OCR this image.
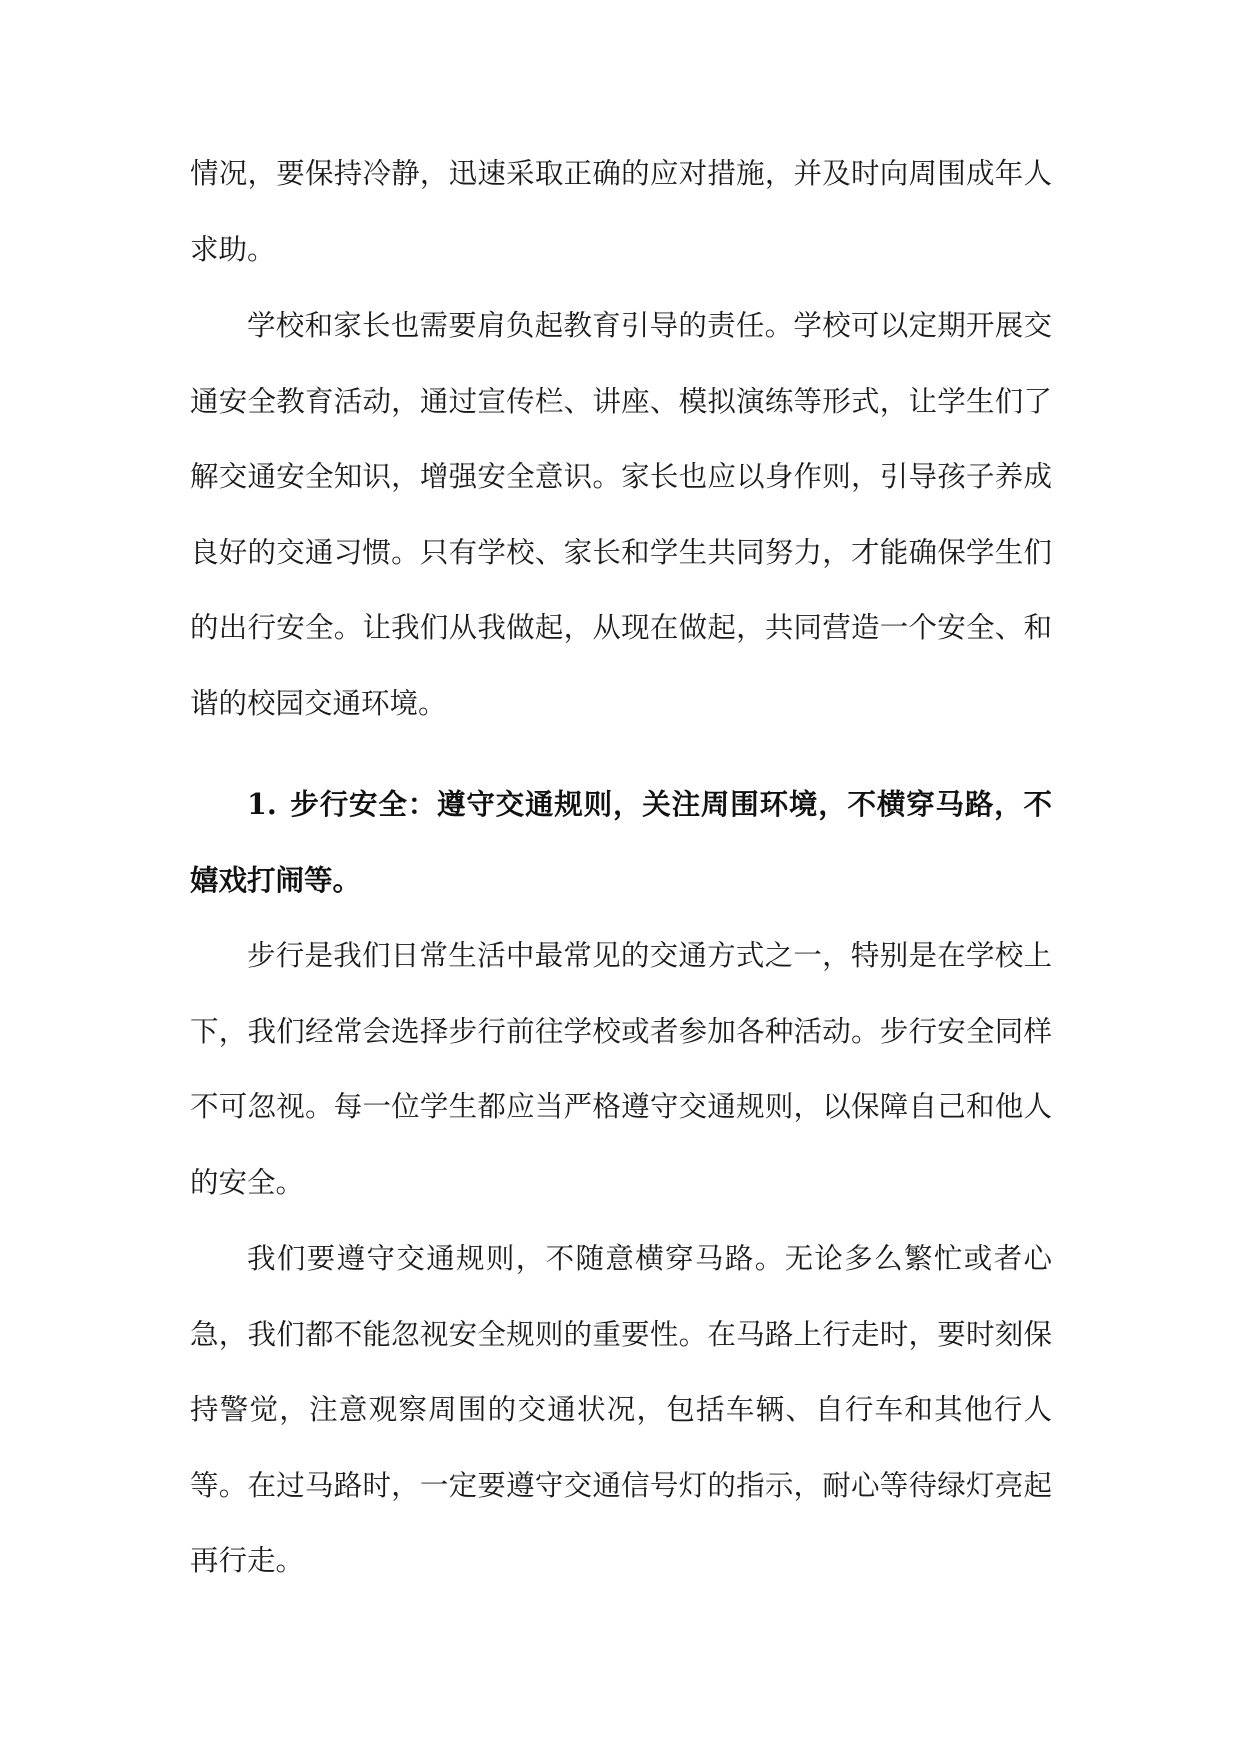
情况，要保持冷静，迅速采取正确的应对措施，并及时向周围成年人求助。

学校和家长也需要肩负起教育引导的责任。学校可以定期开展交通安全教育活动，通过宣传栏、讲座、模拟演练等形式，让学生们了解交通安全知识，增强安全意识。家长也应以身作则，引导孩子养成良好的交通习惯。只有学校、家长和学生共同努力，才能确保学生们的出行安全。让我们从我做起，从现在做起，共同营造一个安全、和谐的校园交通环境。

1. 步行安全：遵守交通规则，关注周围环境，不横穿马路，不嬉戏打闹等。

步行是我们日常生活中最常见的交通方式之一，特别是在学校上下，我们经常会选择步行前往学校或者参加各种活动。步行安全同样不可忽视。每一位学生都应当严格遵守交通规则，以保障自己和他人的安全。

我们要遵守交通规则，不随意横穿马路。无论多么繁忙或者心急，我们都不能忽视安全规则的重要性。在马路上行走时，要时刻保持警觉，注意观察周围的交通状况，包括车辆、自行车和其他行人等。在过马路时，一定要遵守交通信号灯的指示，耐心等待绿灯亮起再行走。
